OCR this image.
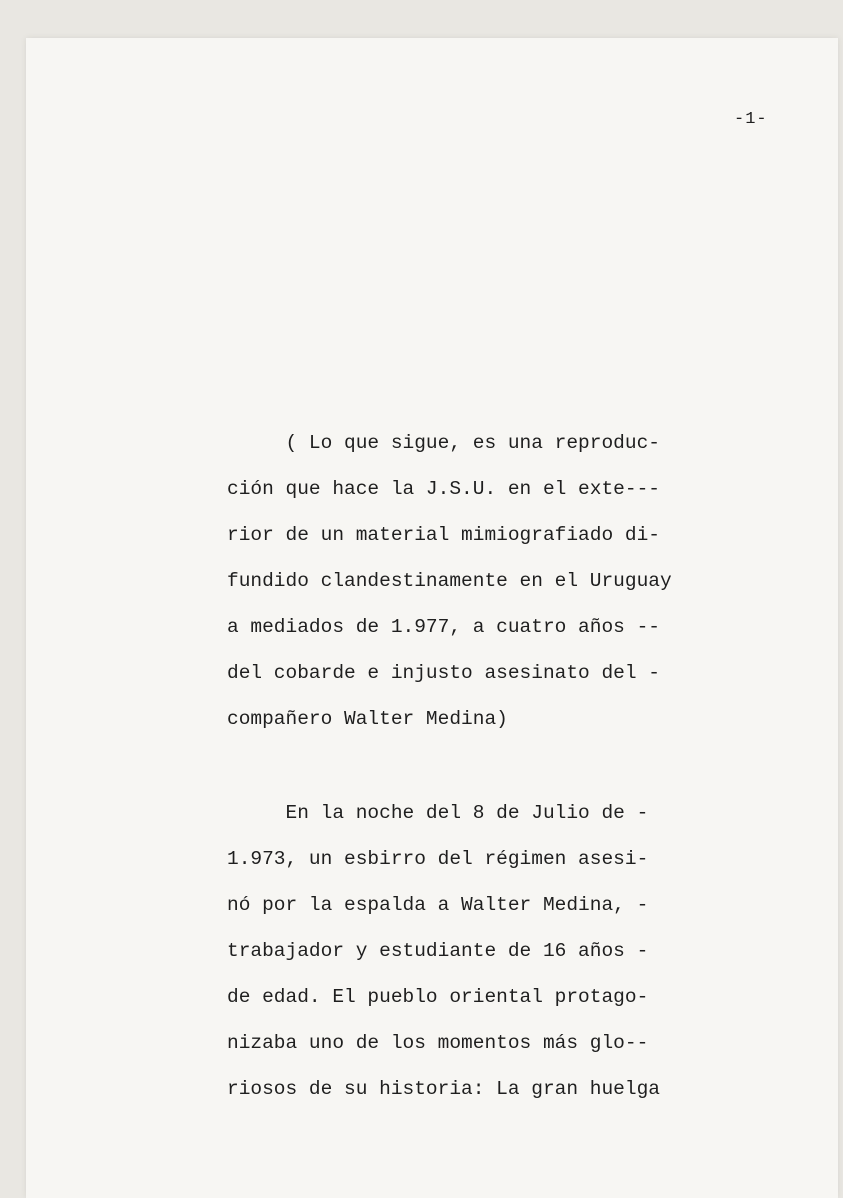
-1-
( Lo que sigue, es una reproduc-
ción que hace la J.S.U. en el exte---
rior de un material mimiografiado di-
fundido clandestinamente en el Uruguay
a mediados de 1.977, a cuatro años --
del cobarde e injusto asesinato del -
compañero Walter Medina)
En la noche del 8 de Julio de -
1.973, un esbirro del régimen asesi-
nó por la espalda a Walter Medina, -
trabajador y estudiante de 16 años -
de edad. El pueblo oriental protago-
nizaba uno de los momentos más glo--
riosos de su historia: La gran huelga
